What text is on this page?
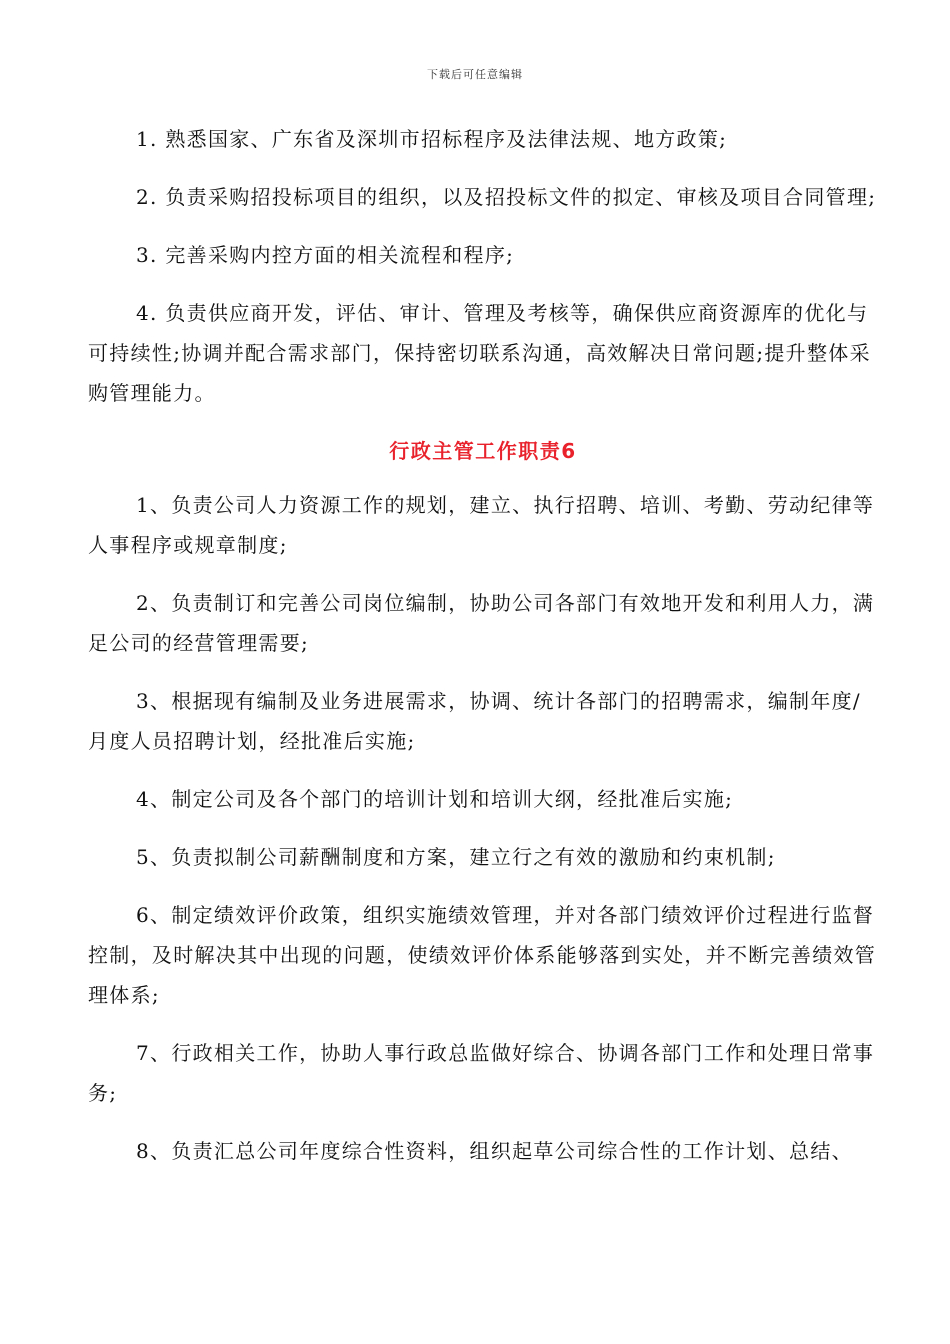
下载后可任意编辑

1. 熟悉国家、广东省及深圳市招标程序及法律法规、地方政策;

2. 负责采购招投标项目的组织，以及招投标文件的拟定、审核及项目合同管理;

3. 完善采购内控方面的相关流程和程序;

4. 负责供应商开发，评估、审计、管理及考核等，确保供应商资源库的优化与可持续性;协调并配合需求部门，保持密切联系沟通，高效解决日常问题;提升整体采购管理能力。

行政主管工作职责6

1、负责公司人力资源工作的规划，建立、执行招聘、培训、考勤、劳动纪律等人事程序或规章制度;

2、负责制订和完善公司岗位编制，协助公司各部门有效地开发和利用人力，满足公司的经营管理需要;

3、根据现有编制及业务进展需求，协调、统计各部门的招聘需求，编制年度/月度人员招聘计划，经批准后实施;

4、制定公司及各个部门的培训计划和培训大纲，经批准后实施;

5、负责拟制公司薪酬制度和方案，建立行之有效的激励和约束机制;

6、制定绩效评价政策，组织实施绩效管理，并对各部门绩效评价过程进行监督控制，及时解决其中出现的问题，使绩效评价体系能够落到实处，并不断完善绩效管理体系;

7、行政相关工作，协助人事行政总监做好综合、协调各部门工作和处理日常事务;

8、负责汇总公司年度综合性资料，组织起草公司综合性的工作计划、总结、
